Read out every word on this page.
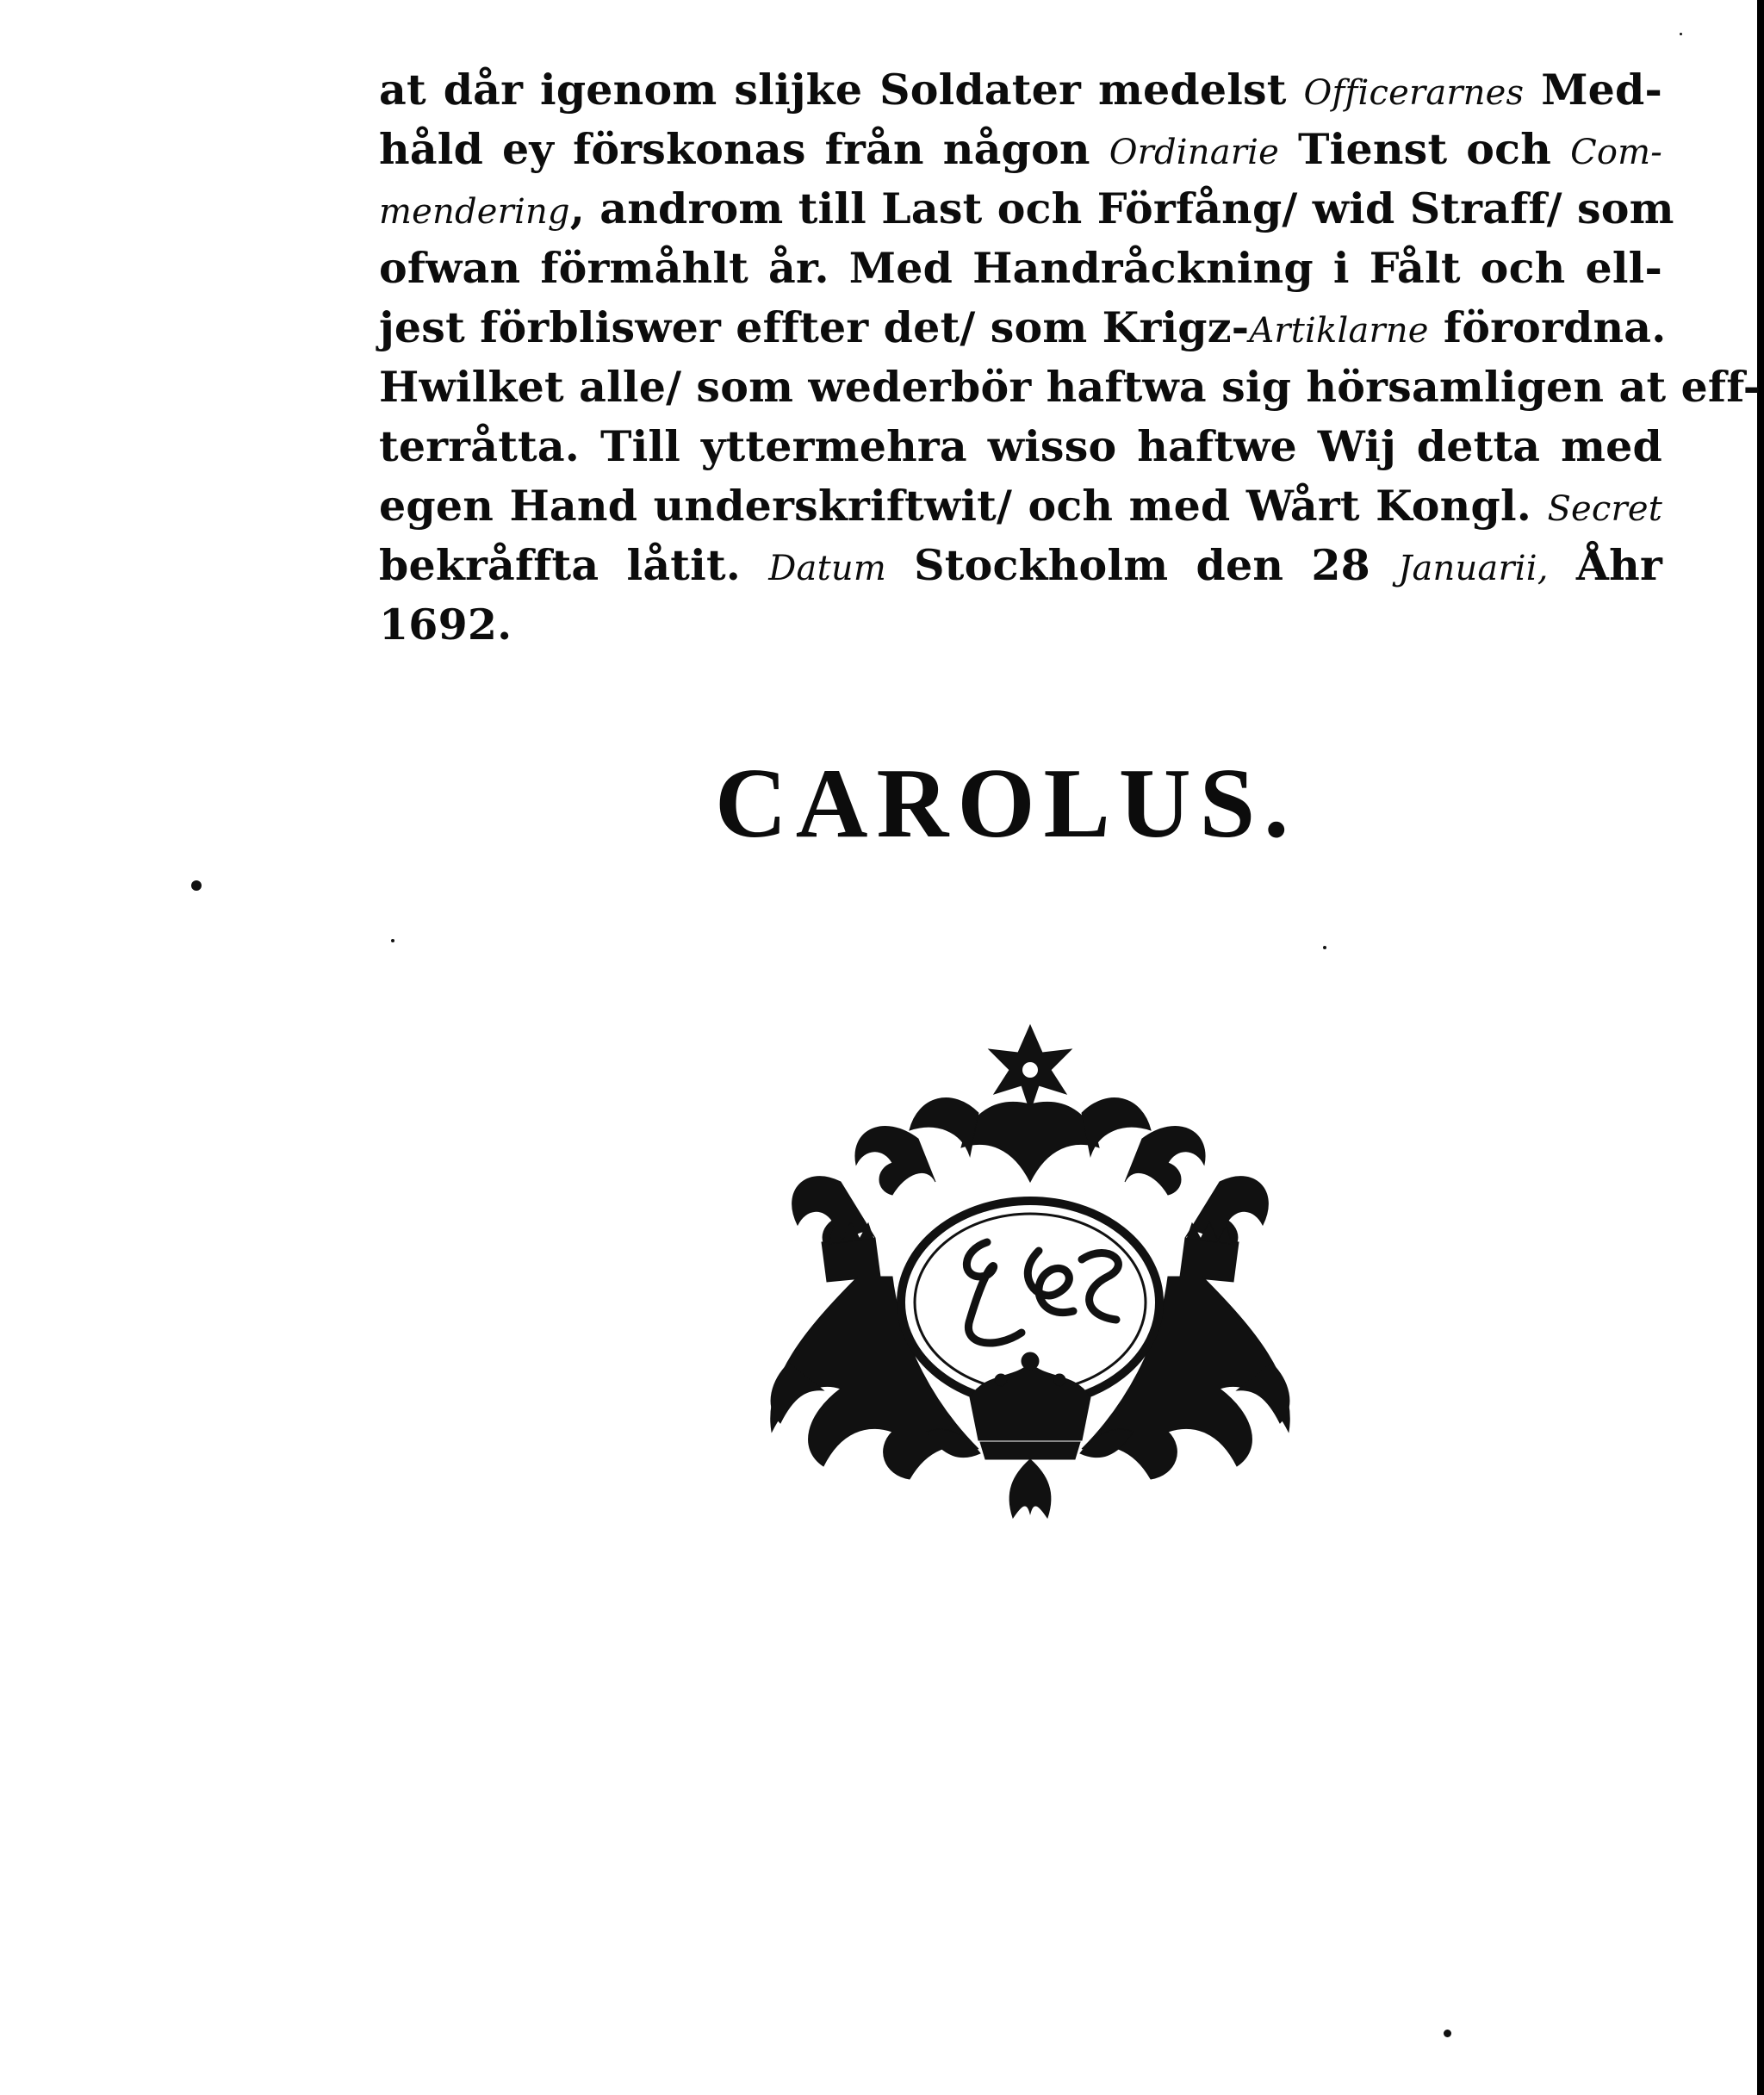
at dår igenom slijke Soldater medelst Officerarnes Med-
håld ey förskonas från någon Ordinarie Tienst och Com-
mendering, androm till Last och Förfång/ wid Straff/ som
ofwan förmåhlt år. Med Handråckning i Fålt och ell-
jest förbliswer effter det/ som Krigz-Artiklarne förordna.
Hwilket alle/ som wederbör haftwa sig hörsamligen at eff-
terråtta. Till yttermehra wisso haftwe Wij detta med
egen Hand underskriftwit/ och med Wårt Kongl. Secret
bekråffta låtit. Datum Stockholm den 28 Januarii, Åhr
1692.

CAROLUS.
